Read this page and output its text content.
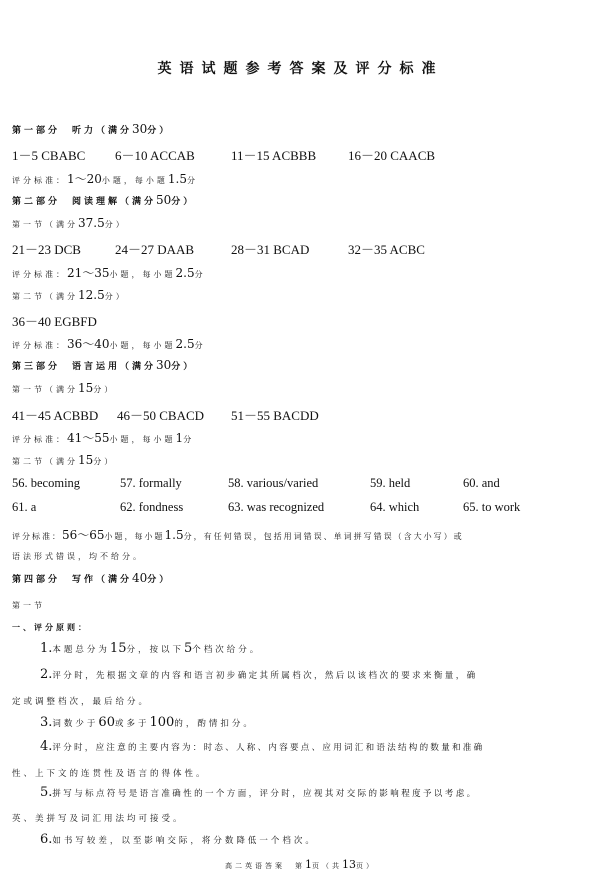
英语试题参考答案及评分标准
第一部分　听力（满分30分）
1－5 CBABC 6－10 ACCAB	11－15 ACBBB 16－20 CAACB
评分标准：1～20小题，每小题1.5分
第二部分　阅读理解（满分50分）
第一节（满分37.5分）
21－23 DCB	24－27 DAAB	28－31 BCAD	32－35 ACBC
评分标准：21～35小题，每小题2.5分
第二节（满分12.5分）
36－40 EGBFD
评分标准：36～40小题，每小题2.5分
第三部分　语言运用（满分30分）
第一节（满分15分）
41－45 ACBBD 46－50 CBACD 51－55 BACDD
评分标准：41～55小题，每小题1分
第二节（满分15分）
56. becoming	57. formally	58. various/varied	59. held	60. and
61. a	62. fondness	63. was recognized	64. which	65. to work
评分标准：56～65小题，每小题1.5分，有任何错误，包括用词错误、单词拼写错误（含大小写）或
语法形式错误，均不给分。
第四部分　写作（满分40分）
第一节
一、评分原则：
1.本题总分为15分，按以下5个档次给分。
2.评分时，先根据文章的内容和语言初步确定其所属档次，然后以该档次的要求来衡量，确
定或调整档次，最后给分。
3.词数少于60或多于100的，酌情扣分。
4.评分时，应注意的主要内容为：时态、人称、内容要点、应用词汇和语法结构的数量和准确
性、上下文的连贯性及语言的得体性。
5.拼写与标点符号是语言准确性的一个方面，评分时，应视其对交际的影响程度予以考虑。
英、美拼写及词汇用法均可接受。
6.如书写较差，以至影响交际，将分数降低一个档次。
高二英语答案　第1页（共13页）
